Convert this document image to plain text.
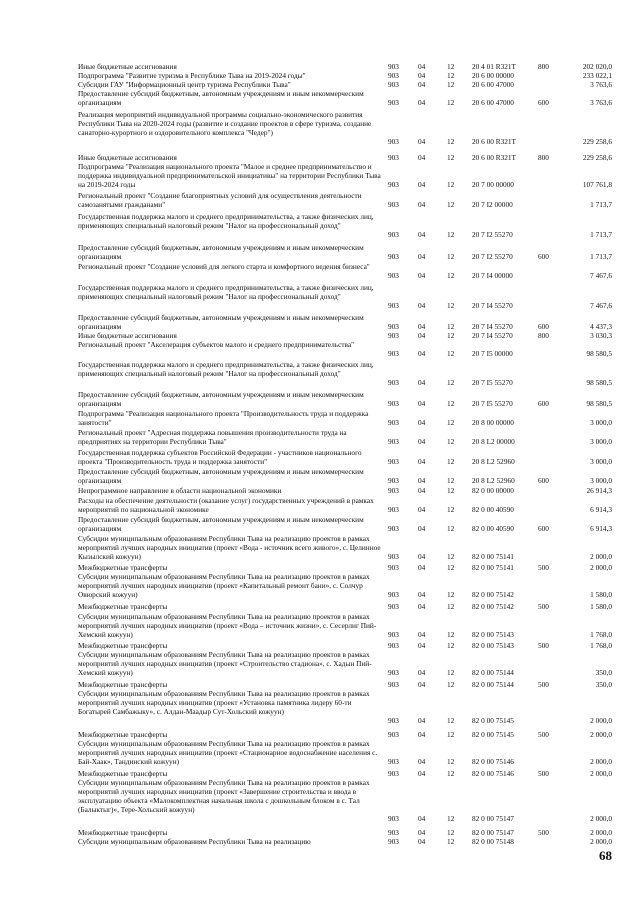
Иные бюджетные ассигнования	903	04	12	20 4 01 R321T	800	202 020,0
Подпрограмма "Развитие туризма в Республике Тыва на 2019-2024 годы"	903	04	12	20 6 00 00000	233 022,1
Субсидии ГАУ "Информационный центр туризма Республики Тыва"	903	04	12	20 6 00 47000	3 763,6
Предоставление субсидий бюджетным, автономным учреждениям и иным некоммерческим организациям	903	04	12	20 6 00 47000	600	3 763,6
Реализация мероприятий индивидуальной программы социально-экономического развития Республики Тыва на 2020-2024 годы (развитие и создание проектов в сфере туризма, создание санаторно-курортного и оздоровительного комплекса "Чедер")
903	04	12	20 6 00 R321T	229 258,6
Иные бюджетные ассигнования	903	04	12	20 6 00 R321T	800	229 258,6
Подпрограмма "Реализация национального проекта "Малое и среднее предпринимательство и поддержка индивидуальной предпринимательской инициативы" на территории Республики Тыва на 2019-2024 годы	903	04	12	20 7 00 00000	107 761,8
Региональный проект "Создание благоприятных условий для осуществления деятельности самозанятыми гражданами"	903	04	12	20 7 I2 00000	1 713,7
Государственная поддержка малого и среднего предпринимательства, а также физических лиц, применяющих специальный налоговый режим "Налог на профессиональный доход"
903	04	12	20 7 I2 55270	1 713,7
Предоставление субсидий бюджетным, автономным учреждениям и иным некоммерческим организациям	903	04	12	20 7 I2 55270	600	1 713,7
Региональный проект "Создание условий для легкого старта и комфортного ведения бизнеса"
903	04	12	20 7 I4 00000	7 467,6
Государственная поддержка малого и среднего предпринимательства, а также физических лиц, применяющих специальный налоговый режим "Налог на профессиональный доход"
903	04	12	20 7 I4 55270	7 467,6
Предоставление субсидий бюджетным, автономным учреждениям и иным некоммерческим организациям	903	04	12	20 7 I4 55270	600	4 437,3
Иные бюджетные ассигнования	903	04	12	20 7 I4 55270	800	3 030,3
Региональный проект "Акселерация субъектов малого и среднего предпринимательства"
903	04	12	20 7 I5 00000	98 580,5
Государственная поддержка малого и среднего предпринимательства, а также физических лиц, применяющих специальный налоговый режим "Налог на профессиональный доход"
903	04	12	20 7 I5 55270	98 580,5
Предоставление субсидий бюджетным, автономным учреждениям и иным некоммерческим организациям	903	04	12	20 7 I5 55270	600	98 580,5
Подпрограмма "Реализация национального проекта "Производительность труда и поддержка занятости"	903	04	12	20 8 00 00000	3 000,0
Региональный проект "Адресная поддержка повышения производительности труда на предприятиях на территории Республики Тыва"	903	04	12	20 8 L2 00000	3 000,0
Государственная поддержка субъектов Российской Федерации - участников национального проекта "Производительность труда и поддержка занятости"	903	04	12	20 8 L2 52960	3 000,0
Предоставление субсидий бюджетным, автономным учреждениям и иным некоммерческим организациям	903	04	12	20 8 L2 52960	600	3 000,0
Непрограммное направление в области национальной экономики	903	04	12	82 0 00 00000	26 914,3
Расходы на обеспечение деятельности (оказание услуг) государственных учреждений в рамках мероприятий по национальной экономике	903	04	12	82 0 00 40590	6 914,3
Предоставление субсидий бюджетным, автономным учреждениям и иным некоммерческим организациям	903	04	12	82 0 00 40590	600	6 914,3
Субсидии муниципальным образованиям Республики Тыва на реализацию проектов в рамках мероприятий лучших народных инициатив (проект «Вода - источник всего живого», с. Целинное Кызылский кожуун)	903	04	12	82 0 00 75141	2 000,0
Межбюджетные трансферты	903	04	12	82 0 00 75141	500	2 000,0
Субсидии муниципальным образованиям Республики Тыва на реализацию проектов в рамках мероприятий лучших народных инициатив (проект «Капитальный ремонт бани», с. Солчур Овюрский кожуун)	903	04	12	82 0 00 75142	1 580,0
Межбюджетные трансферты	903	04	12	82 0 00 75142	500	1 580,0
Субсидии муниципальным образованиям Республики Тыва на реализацию проектов в рамках мероприятий лучших народных инициатив (проект «Вода – источник жизни», с. Сесерлиг Пий-Хемский кожуун)	903	04	12	82 0 00 75143	1 768,0
Межбюджетные трансферты	903	04	12	82 0 00 75143	500	1 768,0
Субсидии муниципальным образованиям Республики Тыва на реализацию проектов в рамках мероприятий лучших народных инициатив (проект «Строительство стадиона», с. Хадын Пий-Хемский кожуун)	903	04	12	82 0 00 75144	350,0
Межбюджетные трансферты	903	04	12	82 0 00 75144	500	350,0
Субсидии муниципальным образованиям Республики Тыва на реализацию проектов в рамках мероприятий лучших народных инициатив (проект «Установка памятника лидеру 60-ти Богатырей Самбажыку», с. Алдан-Маадыр Сут-Хольский кожуун)
903	04	12	82 0 00 75145	2 000,0
Межбюджетные трансферты	903	04	12	82 0 00 75145	500	2 000,0
Субсидии муниципальным образованиям Республики Тыва на реализацию проектов в рамках мероприятий лучших народных инициатив (проект «Стационарное водоснабжение населения с. Бай-Хаак», Тандинский кожуун)	903	04	12	82 0 00 75146	2 000,0
Межбюджетные трансферты	903	04	12	82 0 00 75146	500	2 000,0
Субсидии муниципальным образованиям Республики Тыва на реализацию проектов в рамках мероприятий лучших народных инициатив (проект «Завершение строительства и ввода в эксплуатацию объекта «Малокомплектная начальная школа с дошкольным блоком в с. Тал (Балыктыг)», Тере-Хольский кожуун)
903	04	12	82 0 00 75147	2 000,0
Межбюджетные трансферты	903	04	12	82 0 00 75147	500	2 000,0
Субсидии муниципальным образованиям Республики Тыва на реализацию	903	04	12	82 0 00 75148	2 000,0
68
